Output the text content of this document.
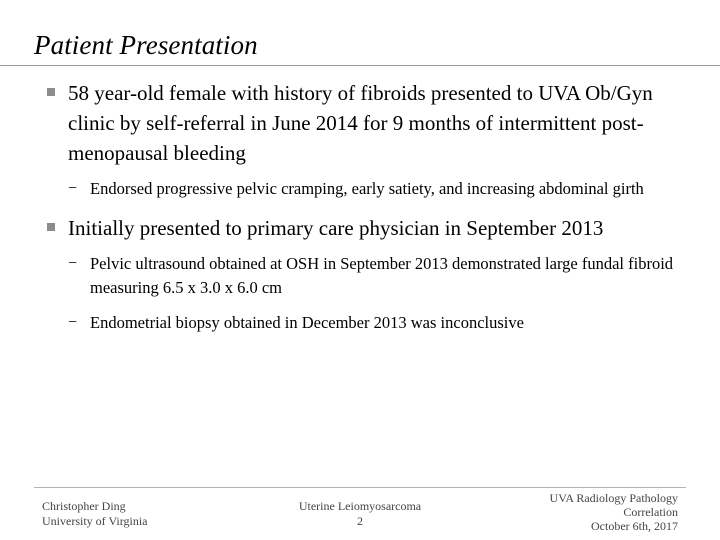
Patient Presentation
58 year-old female with history of fibroids presented to UVA Ob/Gyn clinic by self-referral in June 2014 for 9 months of intermittent post-menopausal bleeding
− Endorsed progressive pelvic cramping, early satiety, and increasing abdominal girth
Initially presented to primary care physician in September 2013
− Pelvic ultrasound obtained at OSH in September 2013 demonstrated large fundal fibroid measuring 6.5 x 3.0 x 6.0 cm
− Endometrial biopsy obtained in December 2013 was inconclusive
Christopher Ding
University of Virginia
Uterine Leiomyosarcoma
2
UVA Radiology Pathology
Correlation
October 6th, 2017
